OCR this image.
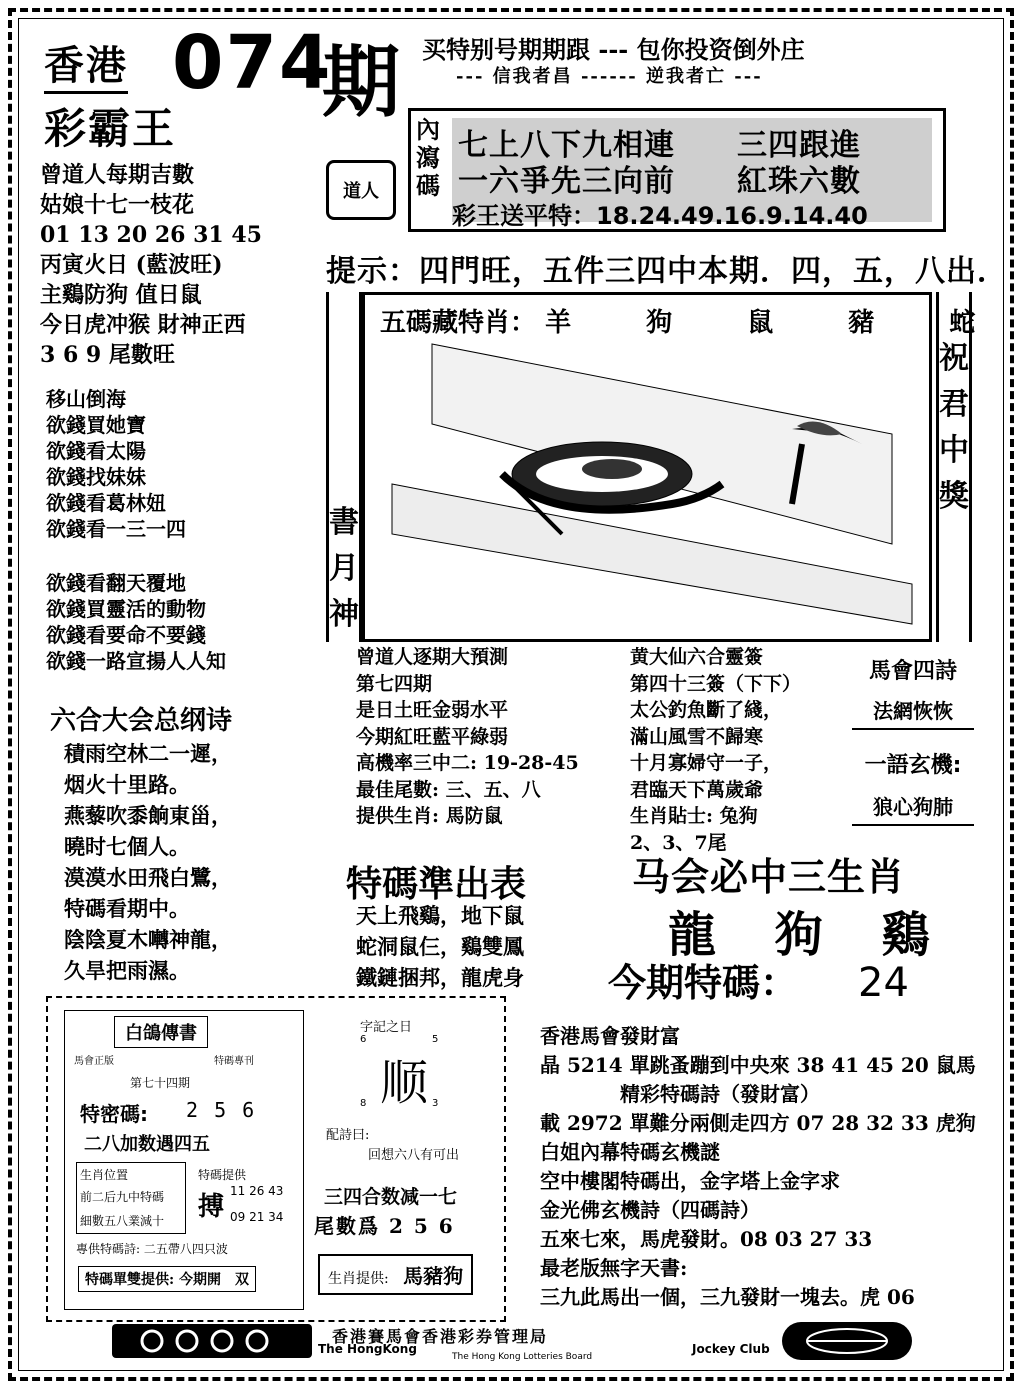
香港 074
期
彩霸王
买特别号期期跟 --- 包你投资倒外庄
--- 信我者昌 ------ 逆我者亡 ---
曾道人每期吉數
姑娘十七一枝花
01 13 20 26 31 45
丙寅火日 (藍波旺)
主鷄防狗 值日鼠
今日虎冲猴 財神正西
3 6 9 尾數旺
移山倒海
欲錢買她寶
欲錢看太陽
欲錢找妹妹
欲錢看葛林妞
欲錢看一三一四
欲錢看翻天覆地
欲錢買靈活的動物
欲錢看要命不要錢
欲錢一路宣揚人人知
六合大会总纲诗
積雨空林二一遲，
烟火十里路。
燕藜吹黍餉東甾，
曉时七個人。
漠漠水田飛白鷺，
特碼看期中。
陰陰夏木囀神龍，
久旱把雨濕。
內瀉碼
七上八下九相連　　三四跟進
一六爭先三向前　　紅珠六數
彩王送平特：18.24.49.16.9.14.40
道人
提示：四門旺，五件三四中本期．四，五，八出．
五碼藏特肖： 羊	狗	鼠	豬	蛇
書月神
祝君中獎
曾道人逐期大預測
第七四期
是日土旺金弱水平
今期紅旺藍平綠弱
高機率三中二: 19-28-45
最佳尾數: 三、五、八
提供生肖: 馬防鼠
黄大仙六合靈簽
第四十三簽（下下）
太公釣魚斷了綫，
滿山風雪不歸寒
十月寡婦守一子，
君臨天下萬歲爺
生肖貼士: 兔狗
2、3、7尾
馬會四詩
法網恢恢
一語玄機:
狼心狗肺
特碼準出表
天上飛鷄，地下鼠
蛇洞鼠仨，鷄雙鳳
鐵鏈捆邦，龍虎身
马会必中三生肖
龍 狗 鷄
今期特碼： 24
白鴿傳書
馬會正版	特碼專刊
第七十四期
特密碼: 2 5 6
二八加数遇四五
生肖位置
前二后九中特碼
細數五八業減十
特碼提供
搏
11 26 43
09 21 34
專供特碼詩: 二五帶八四只波
特碼單雙提供: 今期開　双
字記之日
6	5
顺
8	3
配詩曰:
回想六八有可出
三四合数减一七
尾數爲 2 5 6
生肖提供: 馬豬狗
香港馬會發財富
晶 5214 單跳蚤蹦到中央來 38 41 45 20 鼠馬
　　　　精彩特碼詩（發財富）
載 2972 單難分兩側走四方 07 28 32 33 虎狗
白姐內幕特碼玄機謎
空中樓閣特碼出，金字塔上金字求
金光佛玄機詩（四碼詩）
五來七來，馬虎發財。08 03 27 33
最老版無字天書:
三九此馬出一個，三九發財一塊去。虎 06
香港賽馬會香港彩券管理局
The HongKong	Jockey Club
The Hong Kong Lotteries Board
